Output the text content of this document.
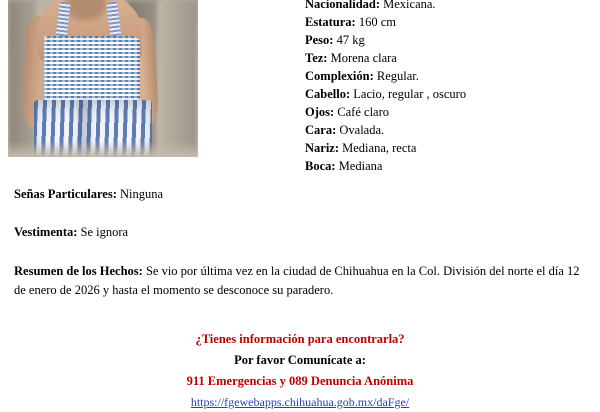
Nacionalidad: Mexicana.

Estatura: 160 cm

Peso: 47 kg

Tez: Morena clara

Complexión: Regular.

Cabello: Lacio, regular , oscuro

Ojos: Café claro

Cara: Ovalada.

Nariz: Mediana, recta

Boca: Mediana

Señas Particulares: Ninguna

Vestimenta: Se ignora

Resumen de los Hechos: Se vio por última vez en la ciudad de Chihuahua en la Col. División del norte el día 12 de enero de 2026 y hasta el momento se desconoce su paradero.

¿Tienes información para encontrarla?
Por favor Comunícate a:
911 Emergencias y 089 Denuncia Anónima
https://fgewebapps.chihuahua.gob.mx/daFge/
